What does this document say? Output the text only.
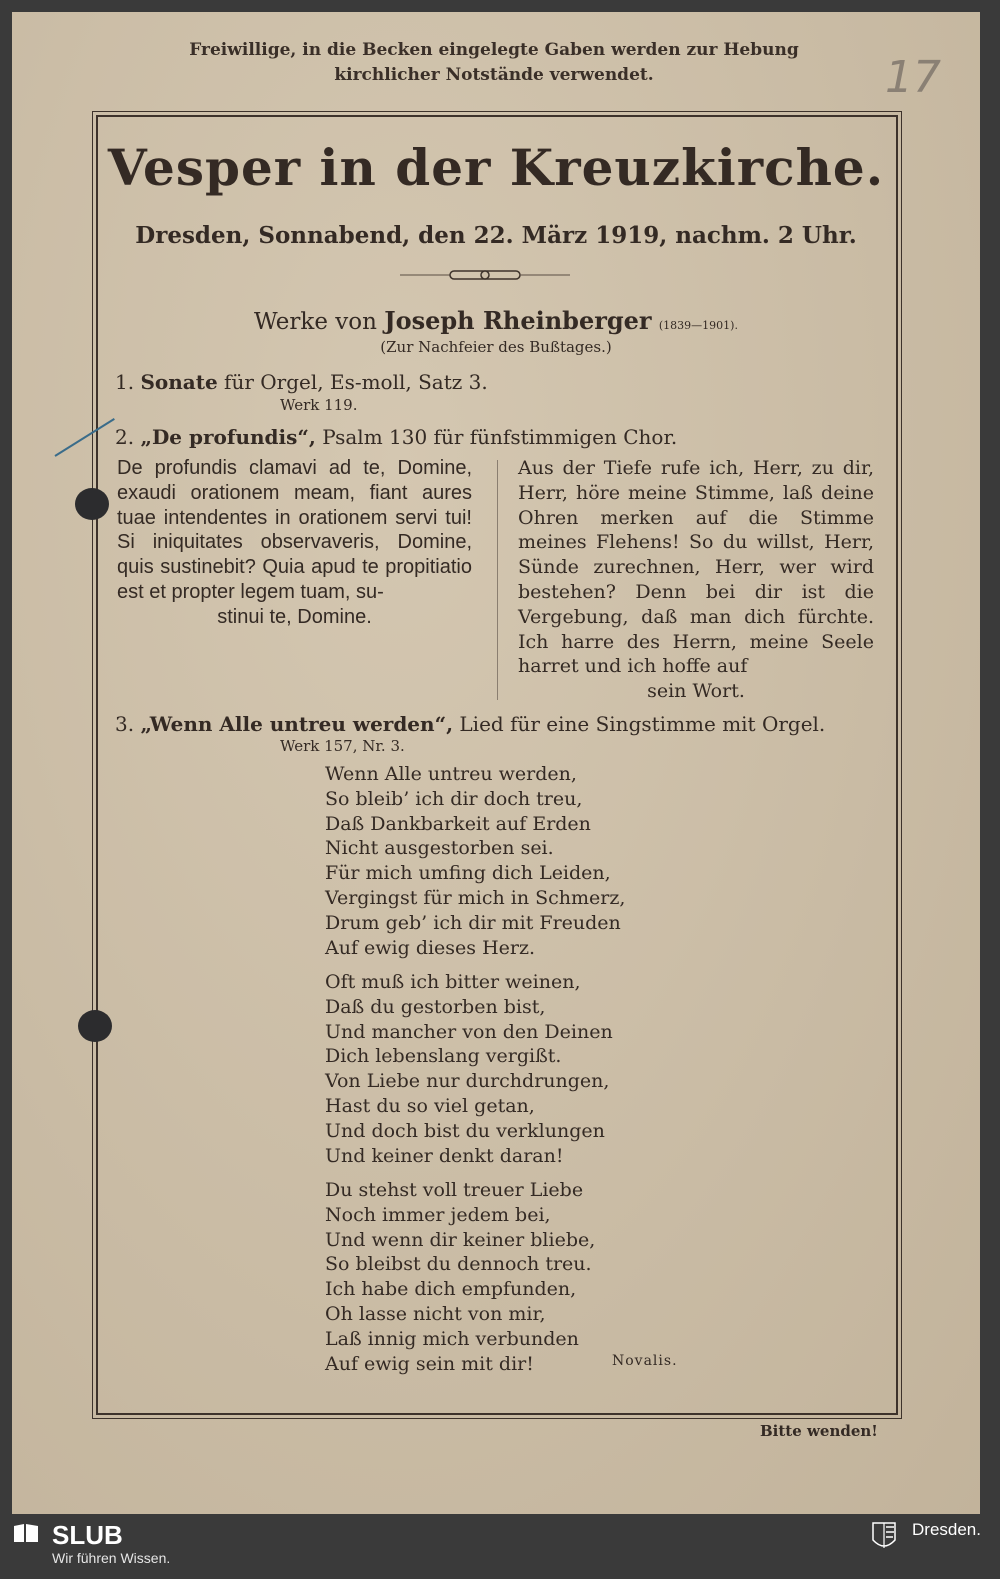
Freiwillige, in die Becken eingelegte Gaben werden zur Hebung
kirchlicher Notstände verwendet.	17
Vesper in der Kreuzkirche.
Dresden, Sonnabend, den 22. März 1919, nachm. 2 Uhr.
Werke von Joseph Rheinberger (1839—1901).
(Zur Nachfeier des Bußtages.)
1. Sonate für Orgel, Es-moll, Satz 3.
Werk 119.
2. „De profundis“, Psalm 130 für fünfstimmigen Chor.
De profundis clamavi ad te, Domine, exaudi orationem meam, fiant aures tuae intendentes in orationem servi tui! Si iniquitates observaveris, Domine, quis sustinebit? Quia apud te propitiatio est et propter legem tuam, su-
stinui te, Domine.
Aus der Tiefe rufe ich, Herr, zu dir, Herr, höre meine Stimme, laß deine Ohren merken auf die Stimme meines Flehens! So du willst, Herr, Sünde zurechnen, Herr, wer wird bestehen? Denn bei dir ist die Vergebung, daß man dich fürchte. Ich harre des Herrn, meine Seele harret und ich hoffe auf
sein Wort.
3. „Wenn Alle untreu werden“, Lied für eine Singstimme mit Orgel.
Werk 157, Nr. 3.
Wenn Alle untreu werden,
So bleib’ ich dir doch treu,
Daß Dankbarkeit auf Erden
Nicht ausgestorben sei.
Für mich umfing dich Leiden,
Vergingst für mich in Schmerz,
Drum geb’ ich dir mit Freuden
Auf ewig dieses Herz.
Oft muß ich bitter weinen,
Daß du gestorben bist,
Und mancher von den Deinen
Dich lebenslang vergißt.
Von Liebe nur durchdrungen,
Hast du so viel getan,
Und doch bist du verklungen
Und keiner denkt daran!
Du stehst voll treuer Liebe
Noch immer jedem bei,
Und wenn dir keiner bliebe,
So bleibst du dennoch treu.
Ich habe dich empfunden,
Oh lasse nicht von mir,
Laß innig mich verbunden
Auf ewig sein mit dir!	Novalis.
Bitte wenden!
SLUB
Wir führen Wissen.
Dresden.
